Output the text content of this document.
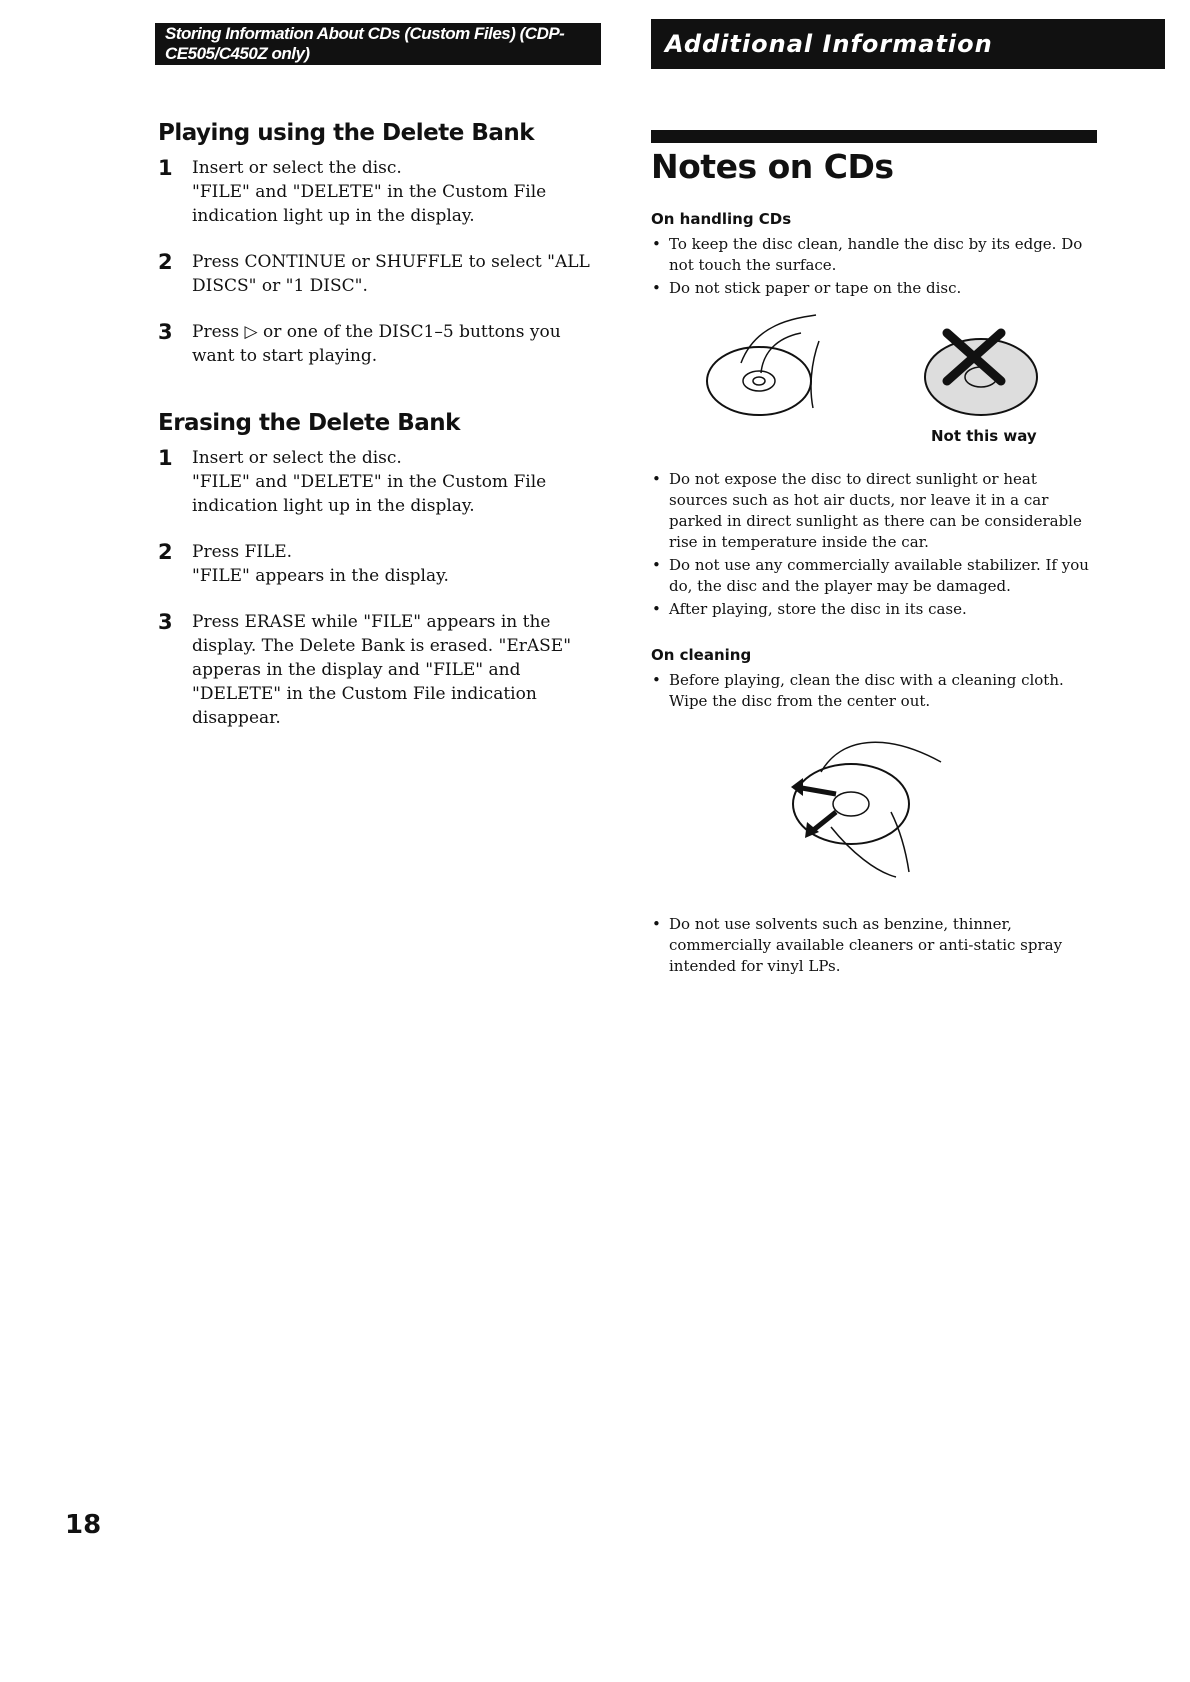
Storing Information About CDs (Custom Files) (CDP-CE505/C450Z only)	Additional Information
Playing using the Delete Bank
1	Insert or select the disc.

"FILE" and "DELETE" in the Custom File indication light up in the display.

2	Press CONTINUE or SHUFFLE to select "ALL DISCS" or "1 DISC".

3	Press ▷ or one of the DISC1–5 buttons you want to start playing.

Erasing the Delete Bank
1	Insert or select the disc.

"FILE" and "DELETE" in the Custom File indication light up in the display.

2	Press FILE.

"FILE" appears in the display.

3	Press ERASE while "FILE" appears in the display. The Delete Bank is erased. "ErASE" apperas in the display and "FILE" and "DELETE" in the Custom File indication disappear.

Notes on CDs
On handling CDs
• To keep the disc clean, handle the disc by its edge. Do not touch the surface.
• Do not stick paper or tape on the disc.
Not this way
• Do not expose the disc to direct sunlight or heat sources such as hot air ducts, nor leave it in a car parked in direct sunlight as there can be considerable rise in temperature inside the car.
• Do not use any commercially available stabilizer. If you do, the disc and the player may be damaged.
• After playing, store the disc in its case.
On cleaning
• Before playing, clean the disc with a cleaning cloth. Wipe the disc from the center out.
• Do not use solvents such as benzine, thinner, commercially available cleaners or anti-static spray intended for vinyl LPs.
18
